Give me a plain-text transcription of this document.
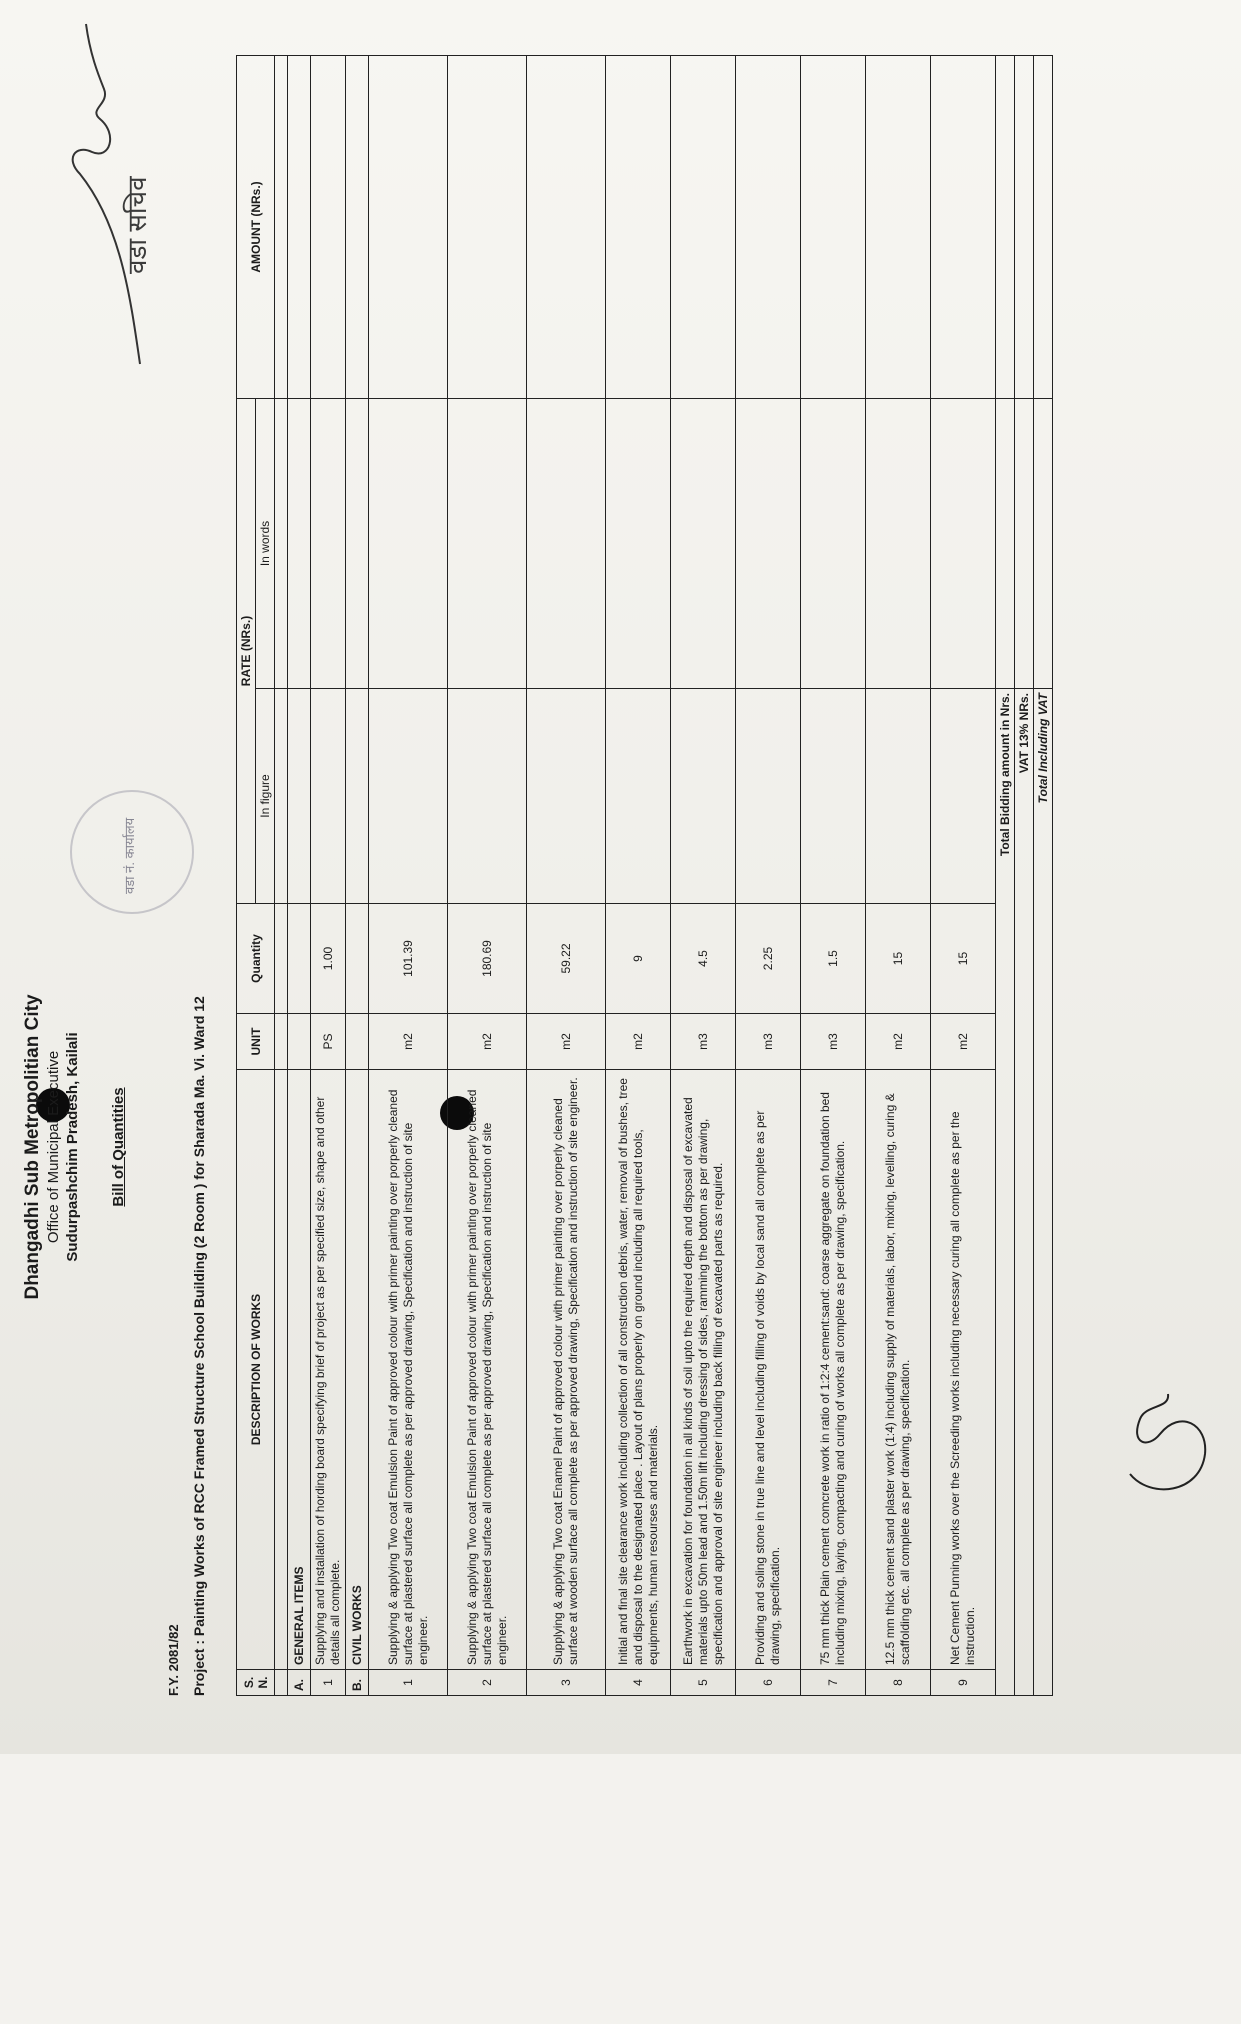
Dhangadhi Sub Metropolitian City Office of Municipal Executive Sudurpashchim Pradesh, Kailali Bill of Quantities
F.Y. 2081/82 Project : Painting Works of RCC Framed Structure School Building (2 Room ) for Sharada Ma. Vi. Ward 12	S. N.	DESCRIPTION OF WORKS	UNIT	Quantity	RATE (NRs.)		AMOUNT (NRs.)
				In figure	In words	

A.	GENERAL ITEMS					
1	Supplying and installation of hording board specifying brief of project as per specified size, shape and other details all complete.	PS	1.00			
B.	CIVIL WORKS					
1	Supplying & applying Two coat Emulsion Paint of approved colour with primer painting over porperly cleaned surface at plastered surface all complete as per approved drawing, Specification and instruction of site engineer.	m2	101.39			
2	Supplying & applying Two coat Emulsion Paint of approved colour with primer painting over porperly cleaned surface at plastered surface all complete as per approved drawing, Specification and instruction of site engineer.	m2	180.69			
3	Supplying & applying Two coat Enamel Paint of approved colour with primer painting over porperly cleaned surface at wooden surface all complete as per approved drawing, Specification and instruction of site engineer.	m2	59.22			
4	Initial and final site clearance work including collection of all construction debris, water, removal of bushes, tree and disposal to the designated place . Layout of plans properly on ground including all required tools, equipments, human resourses and materials.	m2	9			
5	Earthwork in excavation for foundation in all kinds of soil upto the required depth and disposal of excavated materials upto 50m lead and 1.50m lift including dressing of sides, ramming the bottom as per drawing, specification and approval of site engineer including back filling of excavated parts as required.	m3	4.5			
6	Providing and soling stone in true line and level including filling of voids by local sand all complete as per drawing, specification.	m3	2.25			
7	75 mm thick Plain cement comcrete work in ratio of 1:2:4 cement:sand: coarse aggregate on foundation bed including mixing, laying, compacting and curing of works all complete as per drawing, specification.	m3	1.5			
8	12.5 mm thick cement sand plaster work (1:4) including supply of materials, labor, mixing, levelling, curing & scaffolding etc. all complete as per drawing, specification.	m2	15			
9	Net Cement Punning works over the Screeding works including necessary curing all complete as per the instruction.	m2	15			
Total Bidding amount in Nrs.						
VAT 13% NRs.						
Total Including VAT						
वडा नं. कार्यालय
वडा सचिव
